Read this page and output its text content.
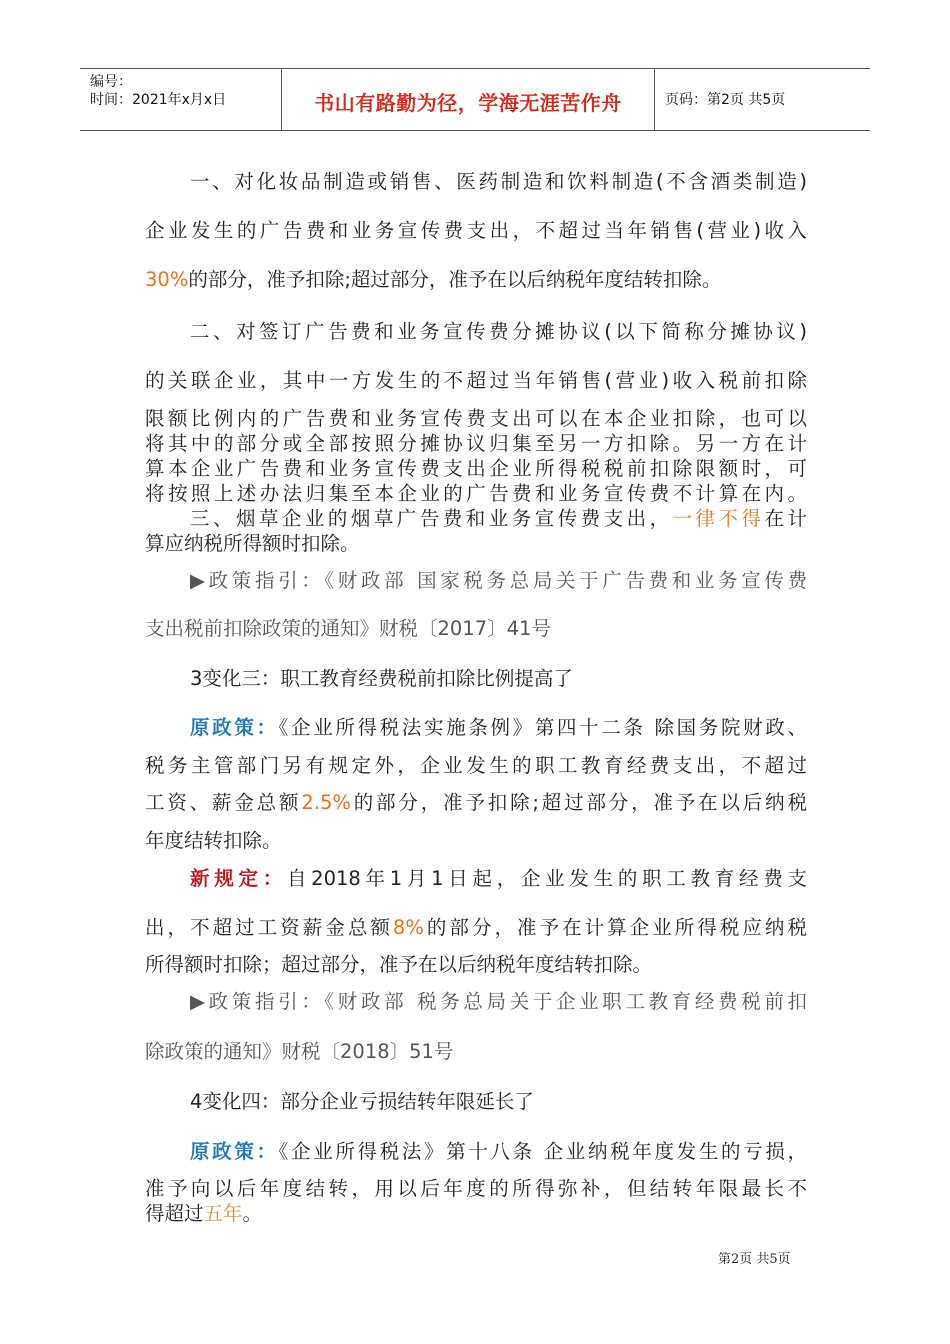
编号：
时间：2021年x月x日	书山有路勤为径，学海无涯苦作舟	页码：第2页 共5页
一、对化妆品制造或销售、医药制造和饮料制造(不含酒类制造)
企业发生的广告费和业务宣传费支出，不超过当年销售(营业)收入
30%的部分，准予扣除;超过部分，准予在以后纳税年度结转扣除。
二、对签订广告费和业务宣传费分摊协议(以下简称分摊协议)
的关联企业，其中一方发生的不超过当年销售(营业)收入税前扣除
限额比例内的广告费和业务宣传费支出可以在本企业扣除，也可以
将其中的部分或全部按照分摊协议归集至另一方扣除。另一方在计
算本企业广告费和业务宣传费支出企业所得税税前扣除限额时，可
将按照上述办法归集至本企业的广告费和业务宣传费不计算在内。
三、烟草企业的烟草广告费和业务宣传费支出，一律不得在计
算应纳税所得额时扣除。
▶政策指引：《财政部 国家税务总局关于广告费和业务宣传费
支出税前扣除政策的通知》财税〔2017〕41号
3变化三：职工教育经费税前扣除比例提高了
原政策：《企业所得税法实施条例》第四十二条 除国务院财政、
税务主管部门另有规定外，企业发生的职工教育经费支出，不超过
工资、薪金总额2.5%的部分，准予扣除;超过部分，准予在以后纳税
年度结转扣除。
新规定：自2018年1月1日起，企业发生的职工教育经费支
出，不超过工资薪金总额8%的部分，准予在计算企业所得税应纳税
所得额时扣除；超过部分，准予在以后纳税年度结转扣除。
▶政策指引：《财政部 税务总局关于企业职工教育经费税前扣
除政策的通知》财税〔2018〕51号
4变化四：部分企业亏损结转年限延长了
原政策：《企业所得税法》第十八条 企业纳税年度发生的亏损，
准予向以后年度结转，用以后年度的所得弥补，但结转年限最长不
得超过五年。
第2页 共5页
